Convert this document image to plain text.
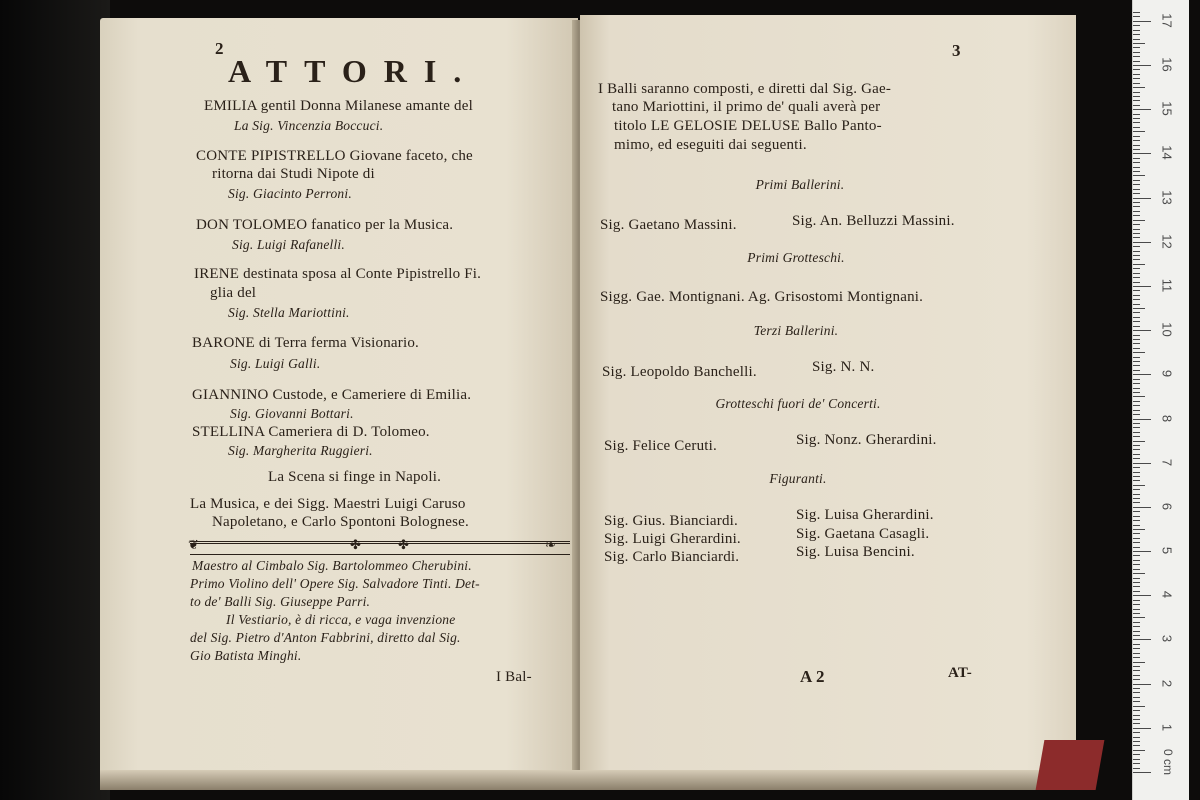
2
ATTORI.
EMILIA gentil Donna Milanese amante del
La Sig. Vincenzia Boccuci.
CONTE PIPISTRELLO Giovane faceto, che
ritorna dai Studi Nipote di
Sig. Giacinto Perroni.
DON TOLOMEO fanatico per la Musica.
Sig. Luigi Rafanelli.
IRENE destinata sposa al Conte Pipistrello Fi.
glia del
Sig. Stella Mariottini.
BARONE di Terra ferma Visionario.
Sig. Luigi Galli.
GIANNINO Custode, e Cameriere di Emilia.
Sig. Giovanni Bottari.
STELLINA Cameriera di D. Tolomeo.
Sig. Margherita Ruggieri.
La Scena si finge in Napoli.
La Musica, e dei Sigg. Maestri Luigi Caruso
Napoletano, e Carlo Spontoni Bolognese.
❦	✤	✤	❧
Maestro al Cimbalo Sig. Bartolommeo Cherubini.
Primo Violino dell' Opere Sig. Salvadore Tinti. Det-
to de' Balli Sig. Giuseppe Parri.
Il Vestiario, è di ricca, e vaga invenzione
del Sig. Pietro d'Anton Fabbrini, diretto dal Sig.
Gio Batista Minghi.
I Bal-
3
I Balli saranno composti, e diretti dal Sig. Gae-
tano Mariottini, il primo de' quali averà per
titolo LE GELOSIE DELUSE Ballo Panto-
mimo, ed eseguiti dai seguenti.
Primi Ballerini.
Sig. Gaetano Massini.	Sig. An. Belluzzi Massini.
Primi Grotteschi.
Sigg. Gae. Montignani. Ag. Grisostomi Montignani.
Terzi Ballerini.
Sig. Leopoldo Banchelli.	Sig. N. N.
Grotteschi fuori de' Concerti.
Sig. Felice Ceruti.	Sig. Nonz. Gherardini.
Figuranti.
Sig. Gius. Bianciardi.	Sig. Luisa Gherardini.
Sig. Luigi Gherardini.	Sig. Gaetana Casagli.
Sig. Carlo Bianciardi.	Sig. Luisa Bencini.
A 2	AT-
17
16
15
14
13
12
11
10
9
8
7
6
5
4
3
2
1
0 cm
